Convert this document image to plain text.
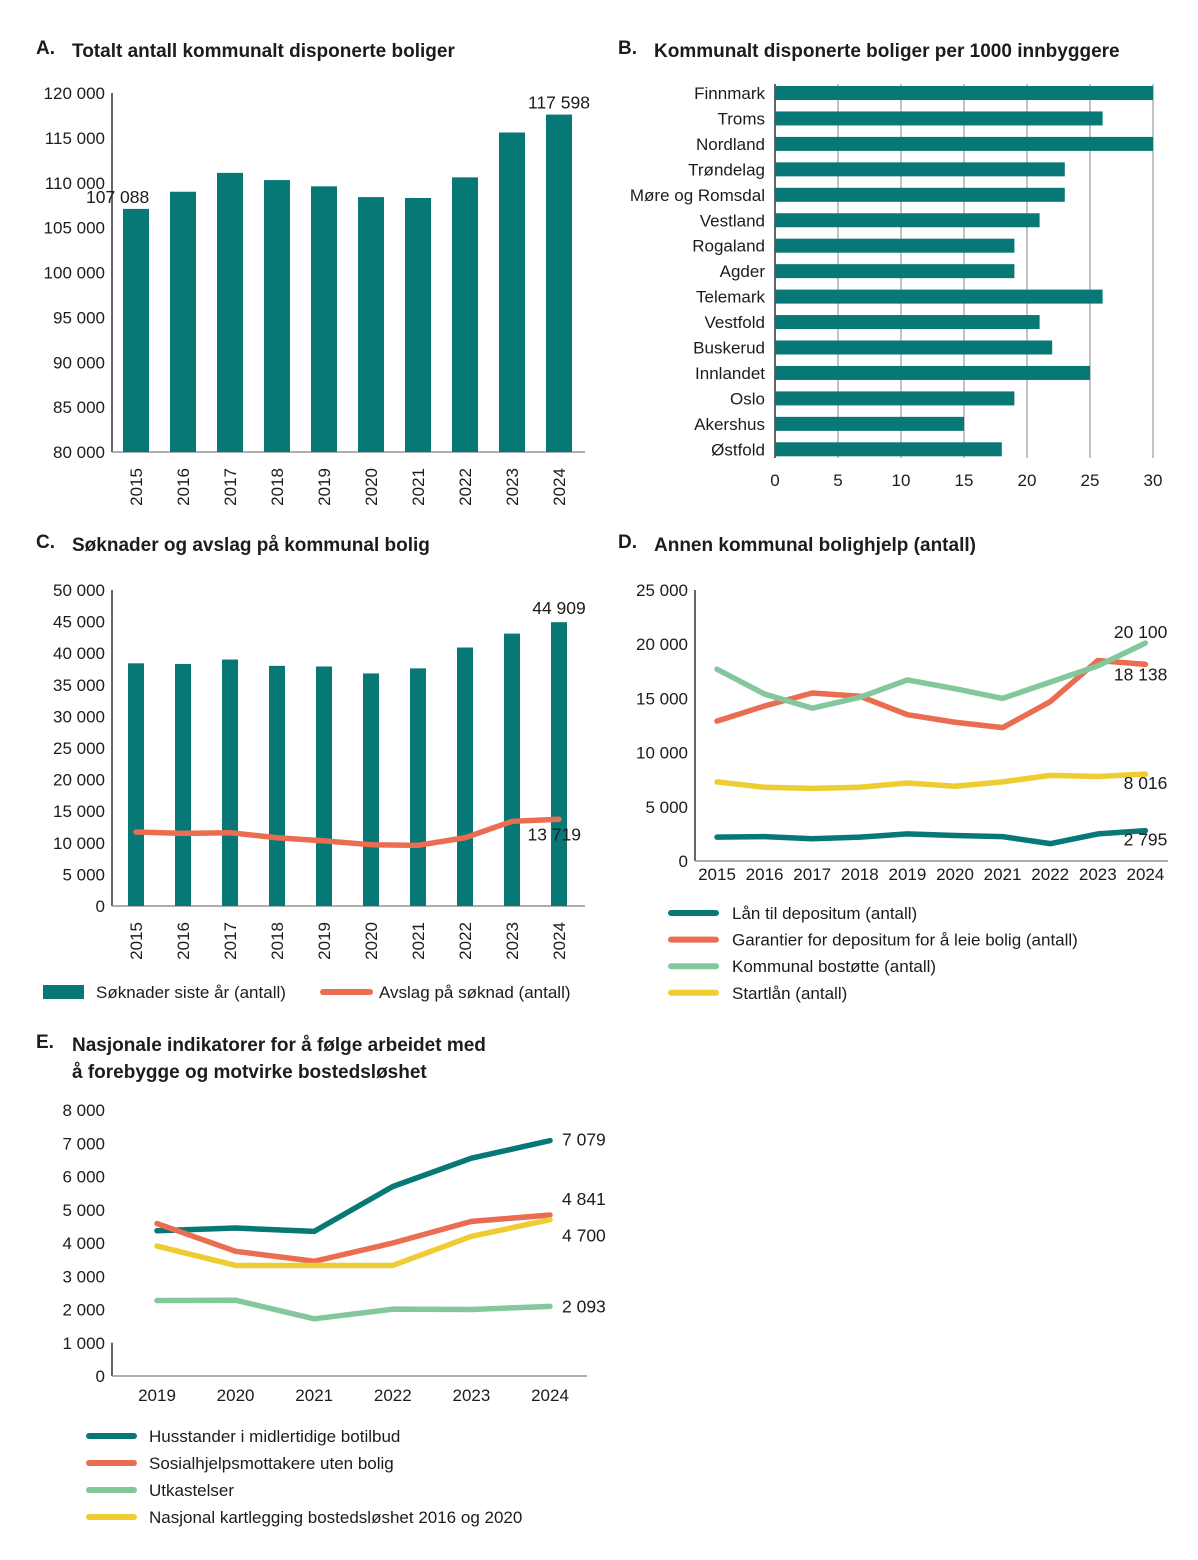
A. Totalt antall kommunalt disponerte boliger
80 000
85 000
90 000
95 000
100 000
105 000
110 000
115 000
120 000
2015 2016 2017 2018 2019 2020 2021 2022 2023 2024
107 088
117 598
B. Kommunalt disponerte boliger per 1000 innbyggere
0	5	10	15	20	25	30
Finnmark
Troms
Nordland
Trøndelag
Møre og Romsdal
Vestland
Rogaland
Agder
Telemark
Vestfold
Buskerud
Innlandet
Oslo
Akershus
Østfold
C. Søknader og avslag på kommunal bolig
0
5 000
10 000
15 000
20 000
25 000
30 000
35 000
40 000
45 000
50 000
2015 2016 2017 2018 2019 2020 2021 2022 2023 2024
44 909
13 719
Søknader siste år (antall)	Avslag på søknad (antall)
D. Annen kommunal bolighjelp (antall)
0
5 000
10 000
15 000
20 000
25 000
2015 2016 2017 2018 2019 2020 2021 2022 2023 2024
20 100
18 138
8 016
2 795
Lån til depositum (antall)
Garantier for depositum for å leie bolig (antall)
Kommunal bostøtte (antall)
Startlån (antall)
E. Nasjonale indikatorer for å følge arbeidet med
å forebygge og motvirke bostedsløshet
0
1 000
2 000
3 000
4 000
5 000
6 000
7 000
8 000
2019 2020 2021 2022 2023 2024
7 079
4 841
4 700
2 093
Husstander i midlertidige botilbud
Sosialhjelpsmottakere uten bolig
Utkastelser
Nasjonal kartlegging bostedsløshet 2016 og 2020
